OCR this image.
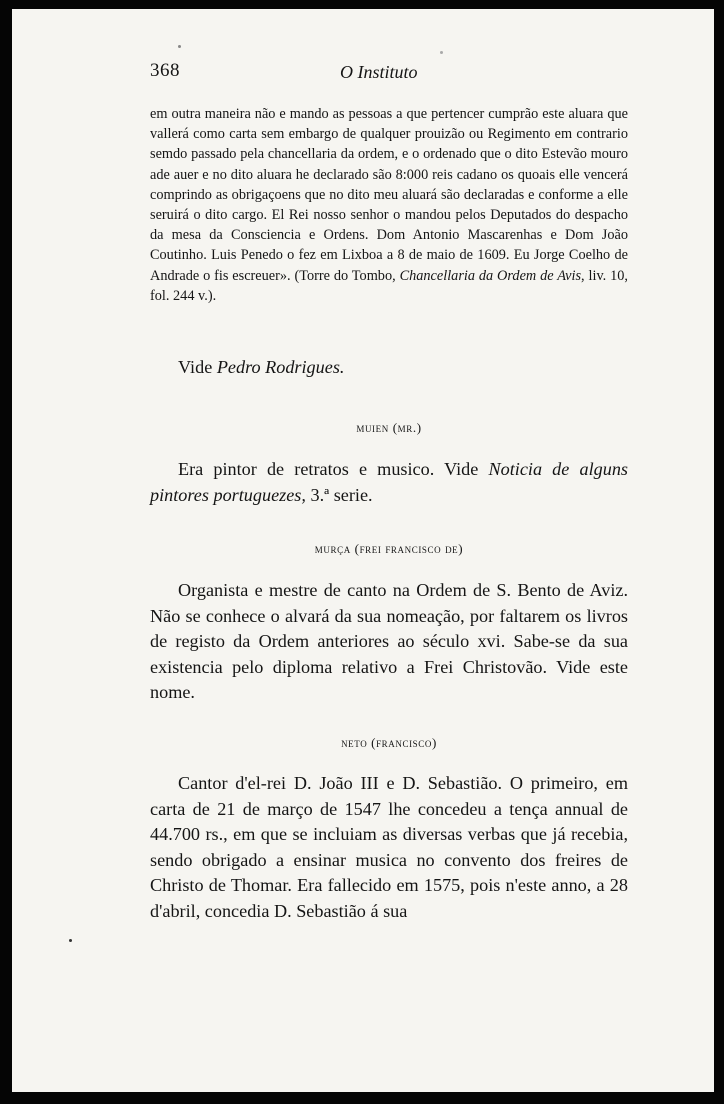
368	O Instituto

em outra maneira não e mando as pessoas a que pertencer cumprão este aluara que vallerá como carta sem embargo de qualquer prouizão ou Regimento em contrario semdo passado pela chancellaria da ordem, e o ordenado que o dito Estevão mouro ade auer e no dito aluara he declarado são 8:000 reis cadano os quoais elle vencerá comprindo as obrigaçoens que no dito meu aluará são declaradas e conforme a elle seruirá o dito cargo. El Rei nosso senhor o mandou pelos Deputados do despacho da mesa da Consciencia e Ordens. Dom Antonio Mascarenhas e Dom João Coutinho. Luis Penedo o fez em Lixboa a 8 de maio de 1609. Eu Jorge Coelho de Andrade o fis escreuer». (Torre do Tombo, Chancellaria da Ordem de Avis, liv. 10, fol. 244 v.).

Vide Pedro Rodrigues.

muien (mr.)

Era pintor de retratos e musico. Vide Noticia de alguns pintores portuguezes, 3.ª serie.

murça (frei francisco de)

Organista e mestre de canto na Ordem de S. Bento de Aviz. Não se conhece o alvará da sua nomeação, por faltarem os livros de registo da Ordem anteriores ao século xvi. Sabe-se da sua existencia pelo diploma relativo a Frei Christovão. Vide este nome.

neto (francisco)

Cantor d'el-rei D. João III e D. Sebastião. O primeiro, em carta de 21 de março de 1547 lhe concedeu a tença annual de 44.700 rs., em que se incluiam as diversas verbas que já recebia, sendo obrigado a ensinar musica no convento dos freires de Christo de Thomar. Era fallecido em 1575, pois n'este anno, a 28 d'abril, concedia D. Sebastião á sua
